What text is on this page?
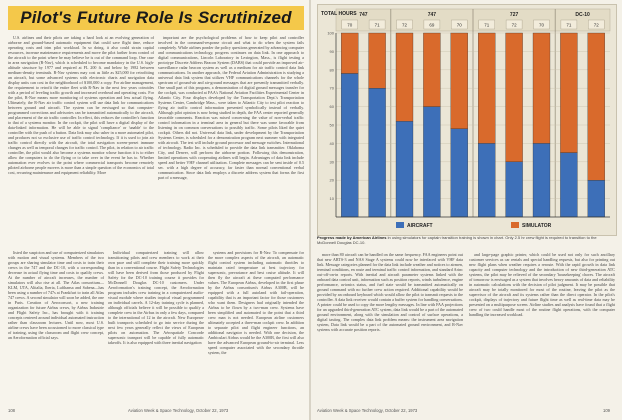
Pilot's Future Role Is Scrutinized

U.S. airlines and their pilots are taking a hard look at an evolving generation of airborne and ground-based automatic equipment that could save flight time, reduce operating costs and trim pilot workload. In so doing, it also could strain capital resources, increase maintenance requirements and move the pilot farther from control of the aircraft to the point where he may believe he is out of the command loop. One case in area navigation (R-Nav), which is scheduled to become mandatory in the U.S. high-altitude structure by 1977 and required at FL 200 ft. and below by 1982 between medium-density terminals. R-Nav systems may cost as little as $25,000 for retrofitting an aircraft, but some advanced systems with electronic charts and navigation data display units can cost in the neighborhood of $100,000 a copy. For airline management, the requirement to retrofit the entire fleet with R-Nav in the next few years coincides with a period of leveling traffic growth and increased overhead and operating costs. For the pilot, R-Nav means more monitoring of systems operation and less actual flying. Ultimately, the R-Nav air traffic control system will use data link for communications between ground and aircraft. The system can be envisaged so that computer-programmed corrections and advisories can be transmitted automatically to the aircraft, and placement of the air traffic controller. In effect, this reduces the controller's function to that of a systems monitor. In the cockpit, the pilot will have a digital display of the data-linked information. He will be able to signal 'compliance' or 'unable' to the controller with the push of a button. Data link may also usher in a more automated pilot, and produces not so exclusive use of traffic control technology. If it is used to join air traffic control directly with the aircraft, the total navigation screen-preset immune changes as well as temporal changes for traffic control. The pilot, in relation to air traffic controller, the pilot would also become a systems monitor whose function it is to either allow the computers to do the flying or to take over in the event he has to. Whether automation ever evolves to the point where commercial transports become remotely piloted airborne people movers is more than a simple question of the economics of total cost, recurring maintenance and equipment reliability. More

important are the psychological problems of how to keep pilot and controller involved in the command-response circuit and what to do when the system fails completely. While airlines ponder the policy questions generated by advancing computer and communications technology, progress continues on data link. In one approach to digital communications, Lincoln Laboratory in Lexington, Mass., is flight testing a prototype Discrete Address Beacon System (DABS) that could provide an improved air-surveillance radar beacon system as well as a medium for air traffic control data link communications. In another approach, the Federal Aviation Administration is studying a universal data link system that utilizes VHF communications channels for the whole spectrum of ground-air and air-ground messages that are presently transmitted verbally. One small part of this program, a demonstration of digital ground messages transfer for the cockpit, was conducted at FAA's National Aviation Facilities Experimental Center in Atlantic City. Four displays developed by the Transportation Dept.'s Transportation Systems Center, Cambridge Mass., were taken to Atlantic City to test pilot reaction to flying air traffic control information presented symbolically instead of verbally. Although pilot opinion is now being studied in depth, the FAA center reported generally favorable comments. Reaction was mixed concerning the value of non-verbal traffic control information in a terminal area in general but there was some favorable from listening in on common conversations to possibly traffic. Some pilots liked the quiet cockpit. Others did not. Universal data link, under development by the Transportation Systems Center, is scheduled for a demonstration program next summer with integrated with aircraft. The test will include ground processor and message switches. International of technology. Radio Inc. is scheduled to provide the data link transmitter. Oklahoma City, and Denver, will perform the airborne portion. Following this demonstration, limited operations with cooperating airlines will begin. Advantages of data link include speed and better VHF channel utilization. Complete messages can be sent inside of 0.5 sec. with a high degree of accuracy, far faster than normal conventional verbal communication. Since data link employs a discrete address system that forms the first part of a message,

listed the suspicion and use of computerized simulators with motion and visual systems. Members of the two groups are sharing simulator time and costs to train their crews in the 747 and the DC-10, with a corresponding decrease in actual flying time and costs to qualify crews. At the number of aircraft increases, the number of simulators will also rise at all. The Atlas consortium—KLM, UTA, Alitalia, Iberia, Lufthansa and Sabena—has been using a number of 747s at Frankfurt to train all Atlas 747 crews. A second simulator will soon be added, the one in Paris. Creation of Aeroconsort, a new training organization for future Airbus crews, by Airbus Industrie and Flight Safety Inc., has brought with it training concepts centered around individual automated instruction rather than classroom lectures. Until now, most U.S. airline crews have been accustomed to more classical type of training, using the classroom and flight crew concept, an Aeroformation official says.

Individual computerized training will allow transitioning pilots and crew members to work at their own pace and still complete their training more quickly than in a conventional course. Flight Safety Technologies will have been derived from those produced by Flight Safety for the DC-10 training course it provides for McDonnell Douglas DC-10 customers. Under Aeroformation's training concept, the Aeroformation program includes crew training in a computerized audio-visual module where studies tropical visual programmed on individual carrels. A 12-day training cycle is planned, although officials believe it will be possible to qualify a complete crew in the Airbus in only a few days, compared to the international of 12 in the aircraft. New European-built transports scheduled to go into service during the next few years generally reflect the views of European pilots on automation. The Aérospatiale Concorde supersonic transport will be capable of fully automatic takeoffs. It is also equipped with three inertial navigation

systems and provisions for R-Nav. To compensate for the more complex aspects of the aircraft, an automatic flight control system including automatic throttles to maintain rated temperature at best trajectory for supersonic, prevariance and best cruise altitude. It will then fly the aircraft at these computed performance values. The European Airbus, developed in the first phase by the Airbus consortium's Airbus A300B, will be equipped with a full autoland with fail-operation, capability that is an important factor for those customers who want them. Designers had originally intended the Airbus to be flown by a two-man crew. Systems have been simplified and automated to the point that a third crew man is not needed. European airline customers ultimately accepted a three-man cockpit crew. In addition to separate pilot and flight engineer functions, an additional navigator is needed. With one decision, the Ambiculari Airbus would be the A300B, the first will also have the advanced European ground-to-air terminal. Less speed computer associated with the secondary throttle system, the

108	Aviation Week & Space Technology, October 22, 1973
TOTAL HOURS 747	747	727	DC-10
70	71	72	69	70	71	72	70	71	72
100
90
80
70
60
50
40
30
20
10
AIRCRAFT	SIMULATOR
Progress made by American Airlines in using simulators for captain transition training is shown in chart. Only 2.5 hr crew flight is required to transition to the McDonnell Douglas DC-10.

more than 80 aircraft can be handled on the same frequency. FAA engineers point out that new ARTS-3 and NAS Stage A systems could now be interfaced with VHF data link. Message categories planned for the data link include weather and notices to airmen, terminal conditions, en route and terminal traffic control information, and standard Arinc out-off-on-in reports. With inertial and aircraft parameter systems linked with the onboard data control unit, information such as position reports, winds turbulence, engine performance, avionics status, and fuel state would be transmitted automatically on ground command with no further crew action required. Additional capability would be provided by an onboard keyboard which would allow the pilot to transmit requests to the controller. A data link receiver would contain a buffer system for handling conversations. A printer could be used to copy the more lengthy messages. In line with FAA projections for an upgraded third-generation ATC system, data link would be a part of the automated ground environment, along with the simulation and control of surface operations, a digital taxiing. The complex data link problem means: the instrument area navigation system, Data link would be a part of the automated ground environment, and R-Nav systems with accurate position reports.

and large-page graphic printer, which could be used not only for such ancillary customer services as car rentals and special handling requests, but also for printing out new flight plans when weather requires a reroute. With the rapid growth in data link capacity and computer technology and the introduction of new third-generation ATC systems, the pilot may be relieved of the secondary 'housekeeping' chores. The aircraft of tomorrow is envisaged as a system that involves heavy amounts of data and reliability in automatic calculations with the decision of pilot judgment. It may be possible that aircraft may be totally monitored for most of the routine, leaving the pilot as the supervisor of the aircraft and its systems rather than the direct operator. In the pilot's cockpit, displays of trajectory and future flight time as well as real-time data may be presented on a multipurpose screen. Airline studies and analysis have found that a flight crew of two could handle most of the routine flight operations, with the computer handling the increased workload.

Aviation Week & Space Technology, October 22, 1973	109
